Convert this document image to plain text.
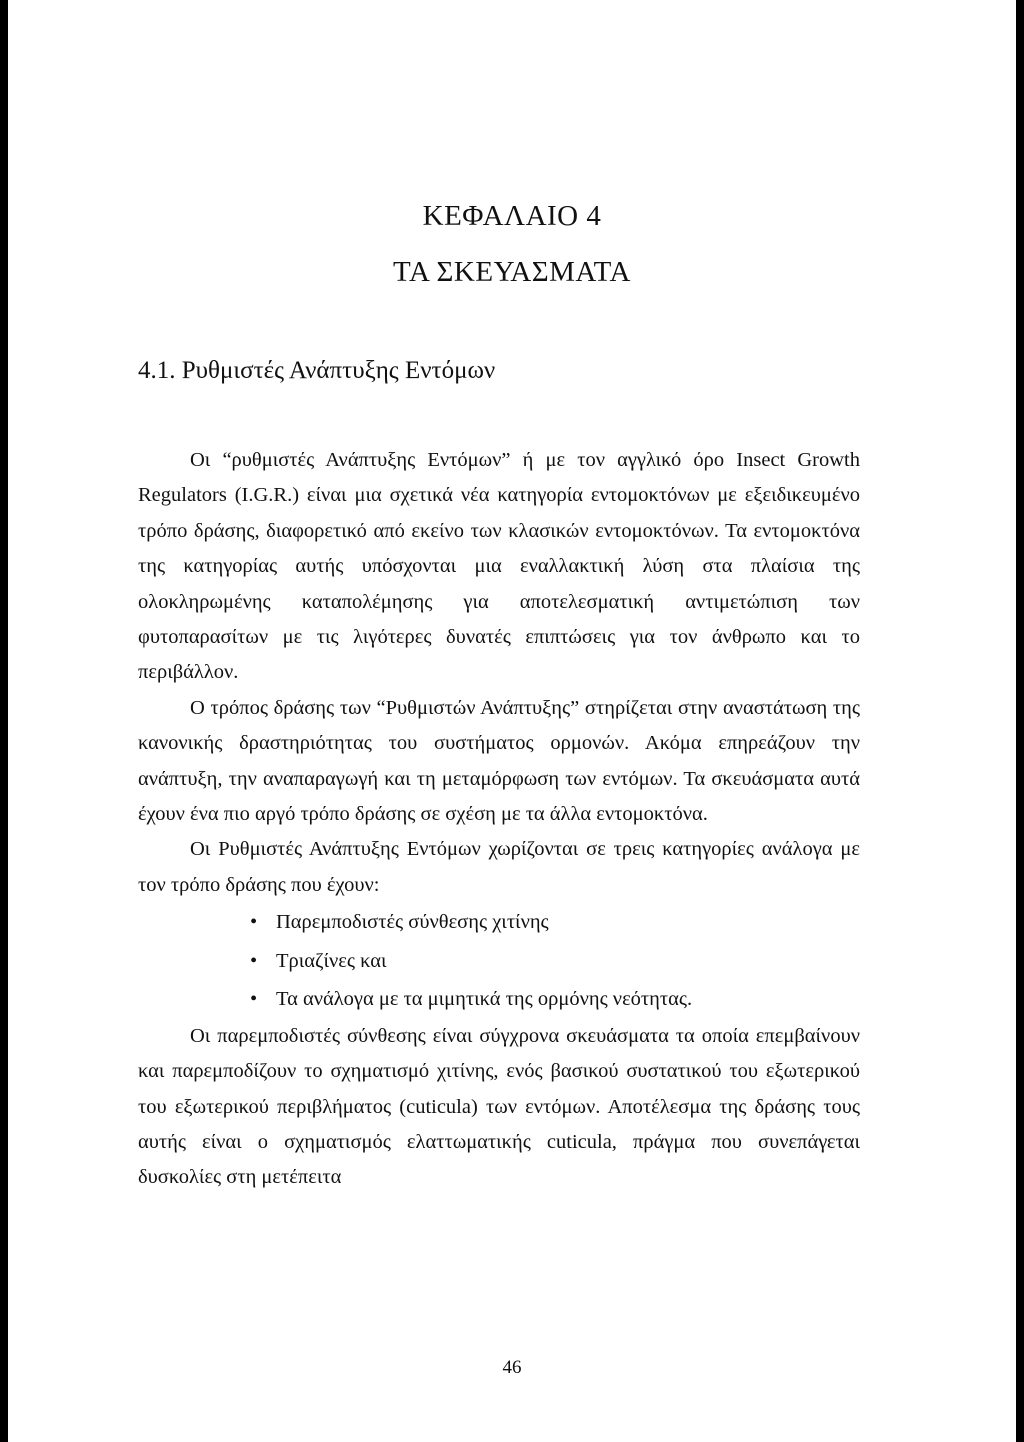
ΚΕΦΑΛΑΙΟ 4
ΤΑ ΣΚΕΥΑΣΜΑΤΑ
4.1. Ρυθμιστές Ανάπτυξης Εντόμων

Οι “ρυθμιστές Ανάπτυξης Εντόμων” ή με τον αγγλικό όρο Insect Growth Regulators (I.G.R.) είναι μια σχετικά νέα κατηγορία εντομοκτόνων με εξειδικευμένο τρόπο δράσης, διαφορετικό από εκείνο των κλασικών εντομοκτόνων. Τα εντομοκτόνα της κατηγορίας αυτής υπόσχονται μια εναλλακτική λύση στα πλαίσια της ολοκληρωμένης καταπολέμησης για αποτελεσματική αντιμετώπιση των φυτοπαρασίτων με τις λιγότερες δυνατές επιπτώσεις για τον άνθρωπο και το περιβάλλον.

Ο τρόπος δράσης των “Ρυθμιστών Ανάπτυξης” στηρίζεται στην αναστάτωση της κανονικής δραστηριότητας του συστήματος ορμονών. Ακόμα επηρεάζουν την ανάπτυξη, την αναπαραγωγή και τη μεταμόρφωση των εντόμων. Τα σκευάσματα αυτά έχουν ένα πιο αργό τρόπο δράσης σε σχέση με τα άλλα εντομοκτόνα.

Οι Ρυθμιστές Ανάπτυξης Εντόμων χωρίζονται σε τρεις κατηγορίες ανάλογα με τον τρόπο δράσης που έχουν:

• Παρεμποδιστές σύνθεσης χιτίνης
• Τριαζίνες και
• Τα ανάλογα με τα μιμητικά της ορμόνης νεότητας.

Οι παρεμποδιστές σύνθεσης είναι σύγχρονα σκευάσματα τα οποία επεμβαίνουν και παρεμποδίζουν το σχηματισμό χιτίνης, ενός βασικού συστατικού του εξωτερικού του εξωτερικού περιβλήματος (cuticula) των εντόμων. Αποτέλεσμα της δράσης τους αυτής είναι ο σχηματισμός ελαττωματικής cuticula, πράγμα που συνεπάγεται δυσκολίες στη μετέπειτα

46
